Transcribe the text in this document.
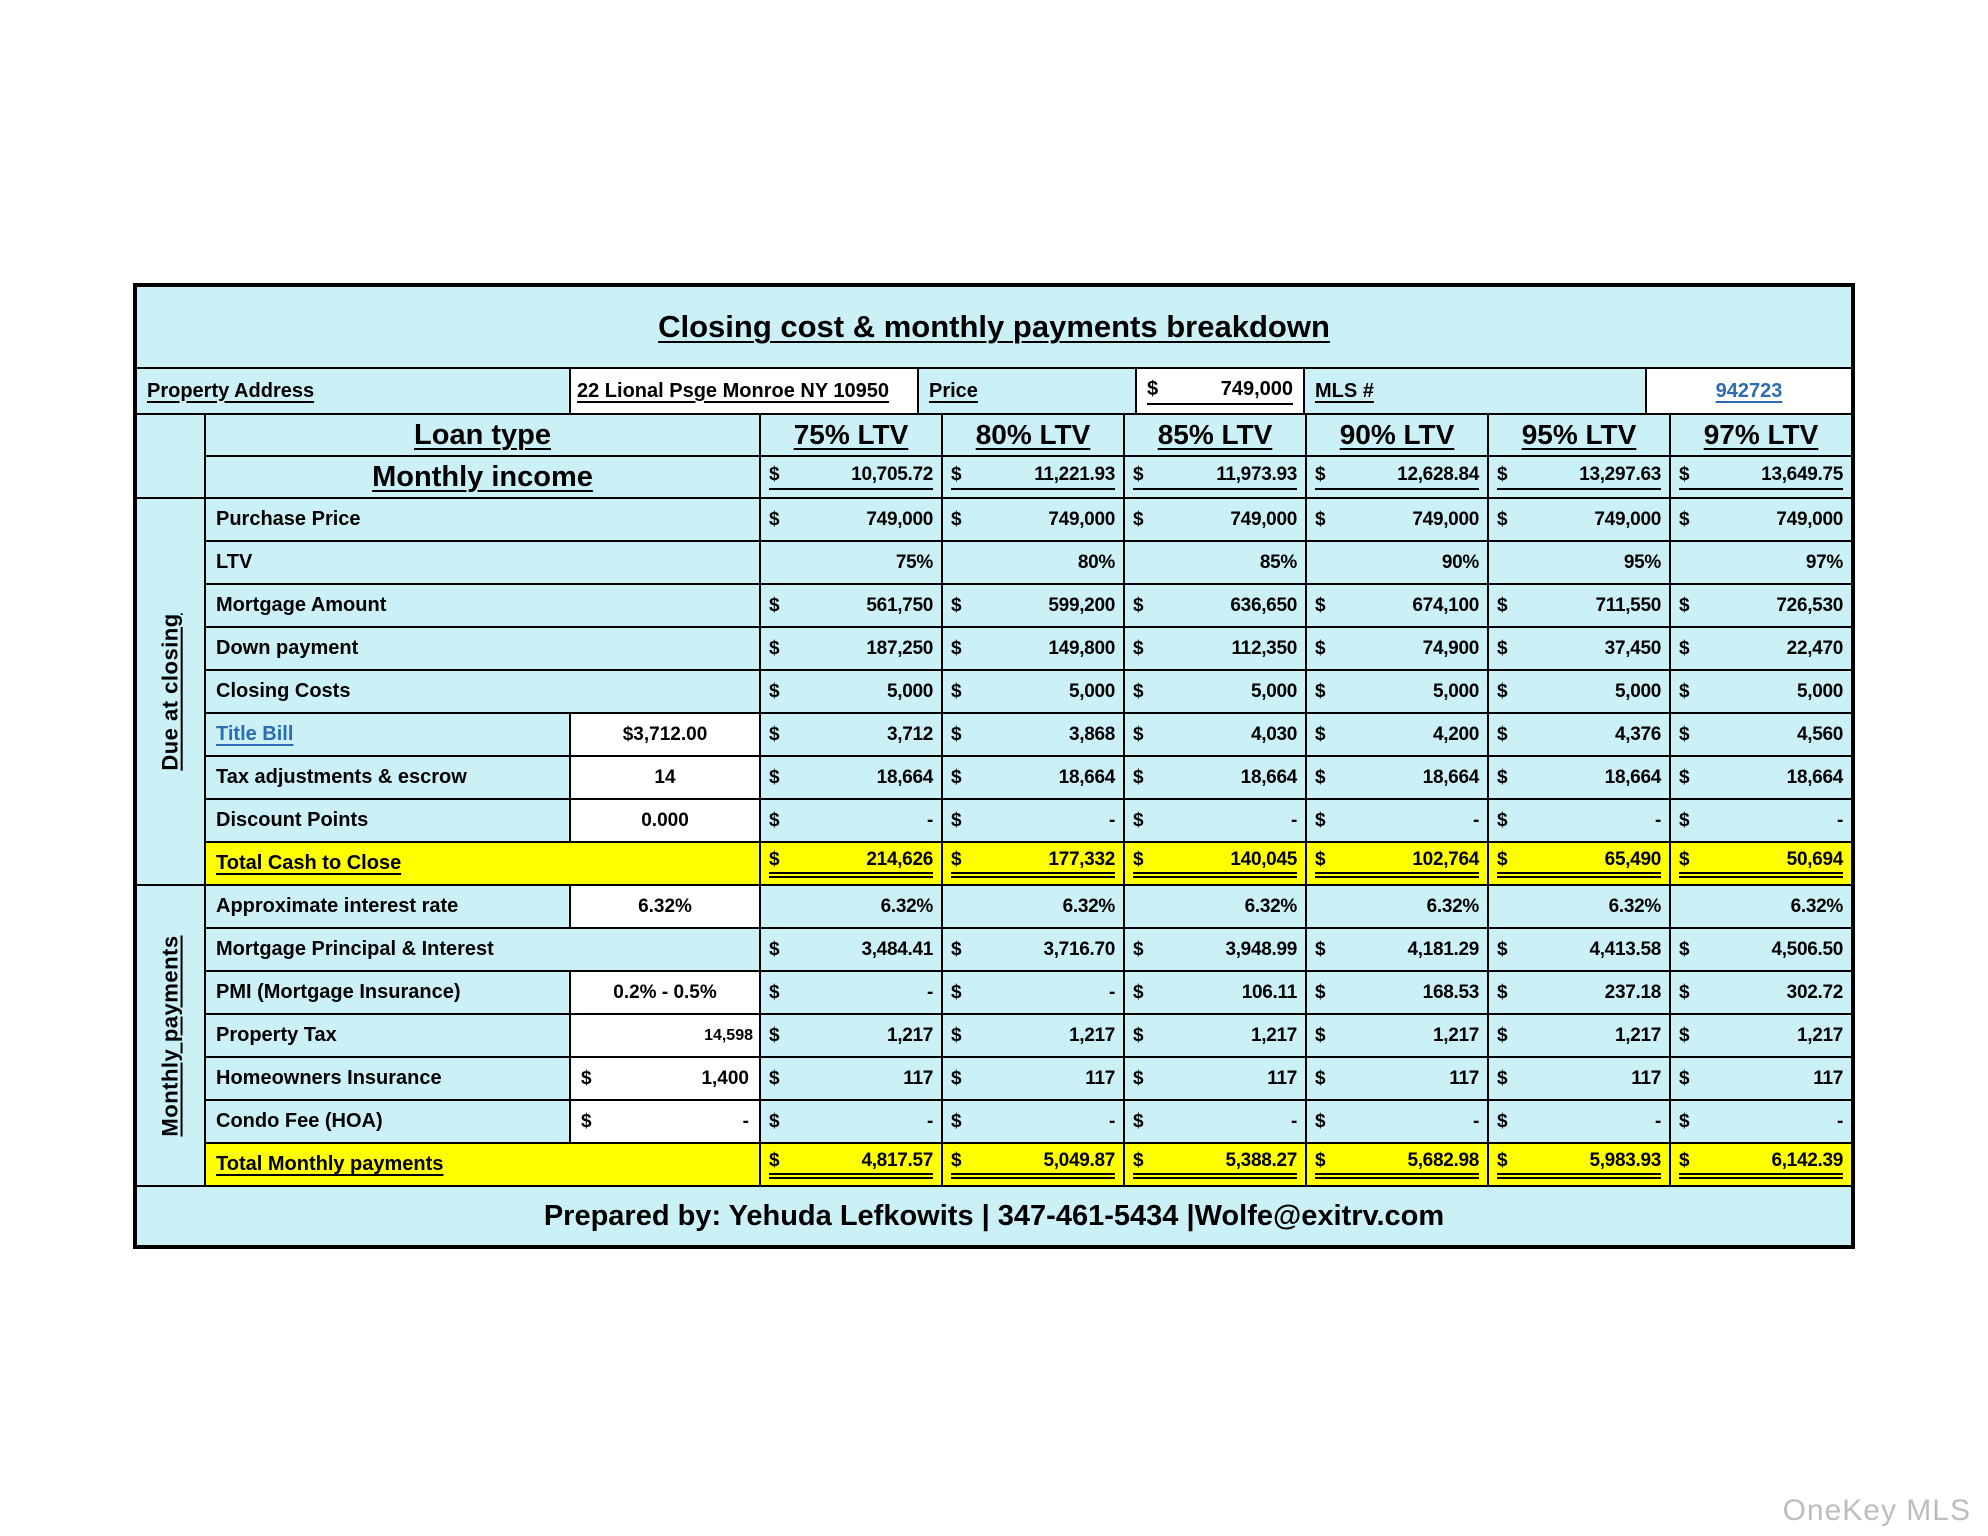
Closing cost & monthly payments breakdown
Property Address	22 Lional Psge Monroe NY 10950 Price	$	749,000 MLS #	942723
Loan type	75% LTV 80% LTV 85% LTV 90% LTV 95% LTV 97% LTV
Monthly income	$	10,705.72 $	11,221.93 $	11,973.93 $	12,628.84 $	13,297.63 $	13,649.75
Due at closing
Monthly payments
Purchase Price	$	749,000 $	749,000 $	749,000 $	749,000 $	749,000 $	749,000
LTV	75%	80%	85%	90%	95%	97%
Mortgage Amount	$	561,750 $	599,200 $	636,650 $	674,100 $	711,550 $	726,530
Down payment	$	187,250 $	149,800 $	112,350 $	74,900 $	37,450 $	22,470
Closing Costs	$	5,000 $	5,000 $	5,000 $	5,000 $	5,000 $	5,000
Title Bill	$3,712.00	$	3,712 $	3,868 $	4,030 $	4,200 $	4,376 $	4,560
Tax adjustments & escrow	14	$	18,664 $	18,664 $	18,664 $	18,664 $	18,664 $	18,664
Discount Points	0.000	$	- $	- $	- $	- $	- $	-
Total Cash to Close	$	214,626 $	177,332 $	140,045 $	102,764 $	65,490 $	50,694
Approximate interest rate	6.32%	6.32%	6.32%	6.32%	6.32%	6.32%	6.32%
Mortgage Principal & Interest	$	3,484.41 $	3,716.70 $	3,948.99 $	4,181.29 $	4,413.58 $	4,506.50
PMI (Mortgage Insurance)	0.2% - 0.5%	$	- $	- $	106.11 $	168.53 $	237.18 $	302.72
Property Tax	14,598 $	1,217 $	1,217 $	1,217 $	1,217 $	1,217 $	1,217
Homeowners Insurance	$	1,400 $	117 $	117 $	117 $	117 $	117 $	117
Condo Fee (HOA)	$	- $	- $	- $	- $	- $	- $	-
Total Monthly payments	$	4,817.57 $	5,049.87 $	5,388.27 $	5,682.98 $	5,983.93 $	6,142.39
Prepared by: Yehuda Lefkowits | 347-461-5434 |Wolfe@exitrv.com
OneKey MLS
